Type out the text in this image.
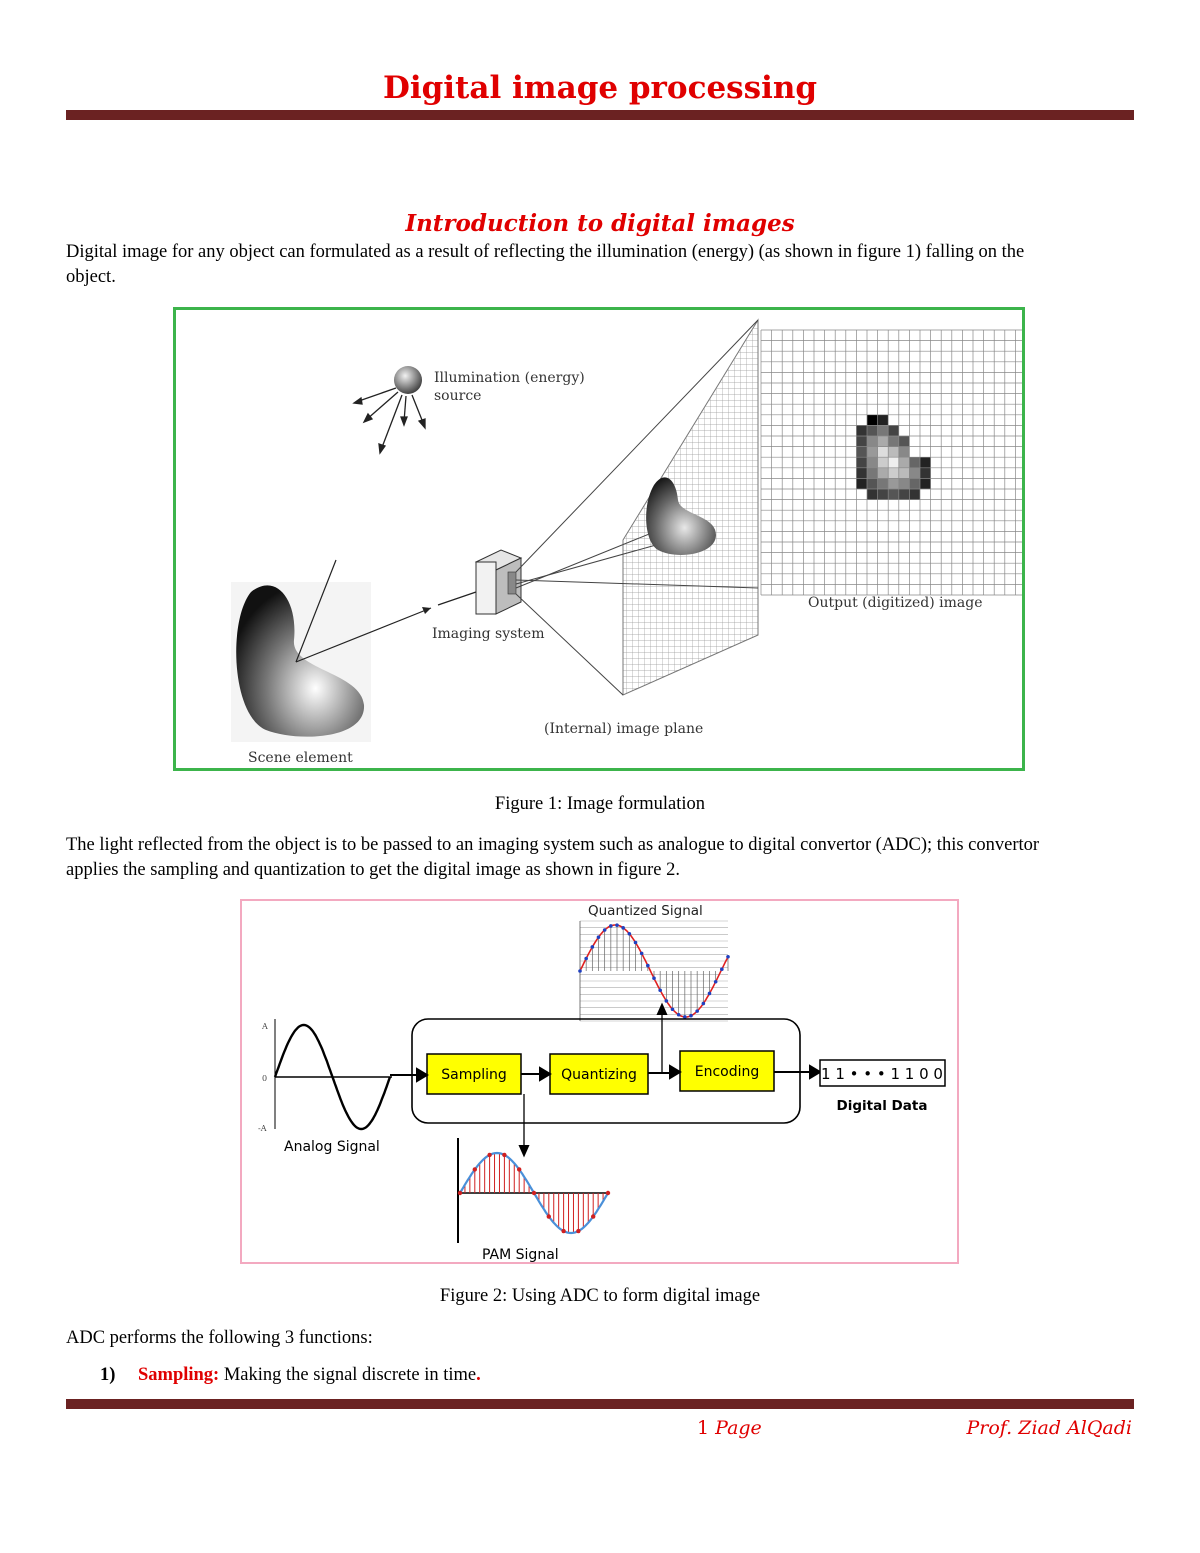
Digital image processing
Introduction to digital images
Digital image for any object can formulated as a result of reflecting the illumination (energy) (as shown in figure 1) falling on the
object.
Illumination (energy)
source
Scene element
Imaging system
(Internal) image plane
Output (digitized) image
Figure 1: Image formulation
The light reflected from the object is to be passed to an imaging system such as analogue to digital convertor (ADC); this convertor
applies the sampling and quantization to get the digital image as shown in figure 2.
Quantized Signal
Sampling	Quantizing	Encoding	1 1 • • • 1 1 0 0
Digital Data
A
0
-A
Analog Signal
PAM Signal
Figure 2: Using ADC to form digital image
ADC performs the following 3 functions:
1) Sampling: Making the signal discrete in time.
1 Page	Prof. Ziad AlQadi
